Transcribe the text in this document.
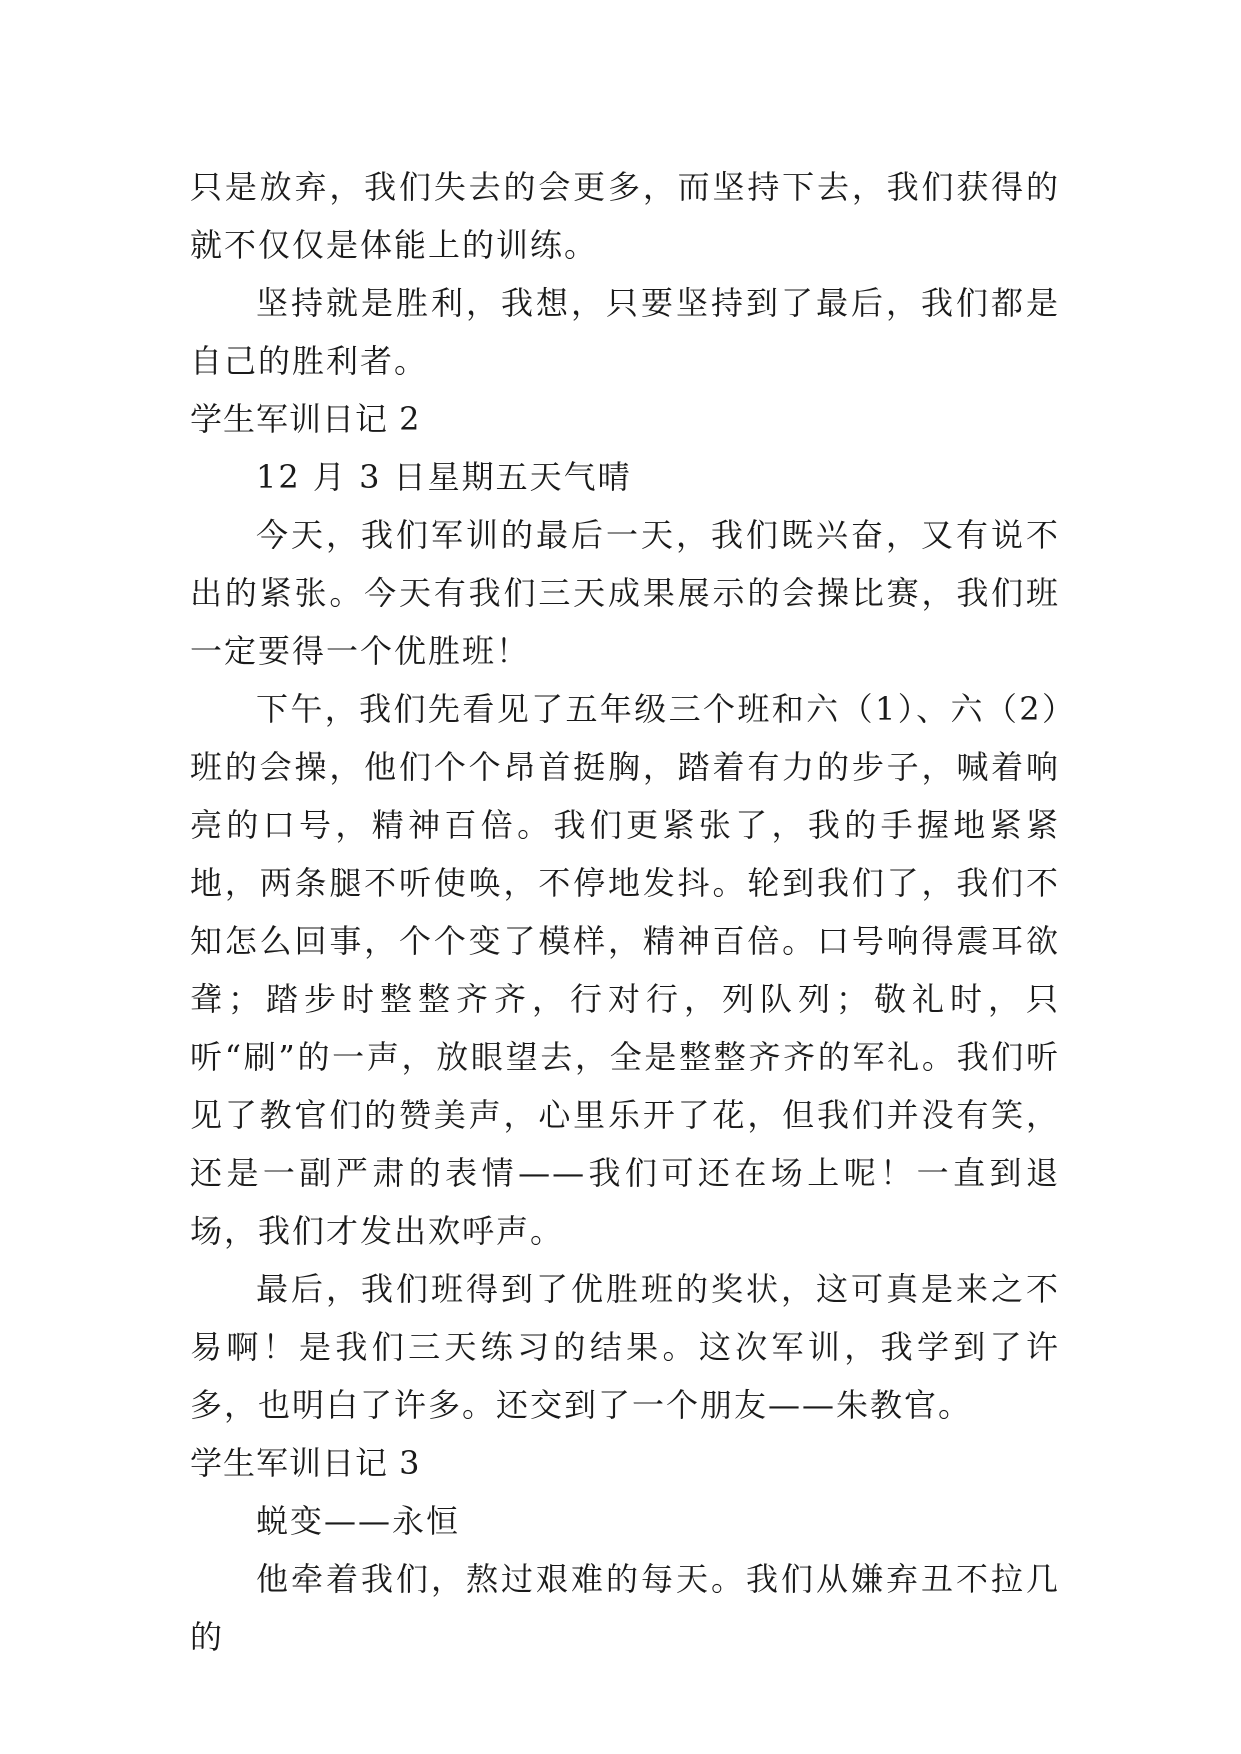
只是放弃，我们失去的会更多，而坚持下去，我们获得的就不仅仅是体能上的训练。

坚持就是胜利，我想，只要坚持到了最后，我们都是自己的胜利者。

学生军训日记 2

12 月 3 日星期五天气晴

今天，我们军训的最后一天，我们既兴奋，又有说不出的紧张。今天有我们三天成果展示的会操比赛，我们班一定要得一个优胜班！

下午，我们先看见了五年级三个班和六（1）、六（2）班的会操，他们个个昂首挺胸，踏着有力的步子，喊着响亮的口号，精神百倍。我们更紧张了，我的手握地紧紧地，两条腿不听使唤，不停地发抖。轮到我们了，我们不知怎么回事，个个变了模样，精神百倍。口号响得震耳欲聋；踏步时整整齐齐，行对行，列队列；敬礼时，只听“刷”的一声，放眼望去，全是整整齐齐的军礼。我们听见了教官们的赞美声，心里乐开了花，但我们并没有笑，还是一副严肃的表情——我们可还在场上呢！一直到退场，我们才发出欢呼声。

最后，我们班得到了优胜班的奖状，这可真是来之不易啊！是我们三天练习的结果。这次军训，我学到了许多，也明白了许多。还交到了一个朋友——朱教官。

学生军训日记 3

蜕变——永恒

他牵着我们，熬过艰难的每天。我们从嫌弃丑不拉几的
